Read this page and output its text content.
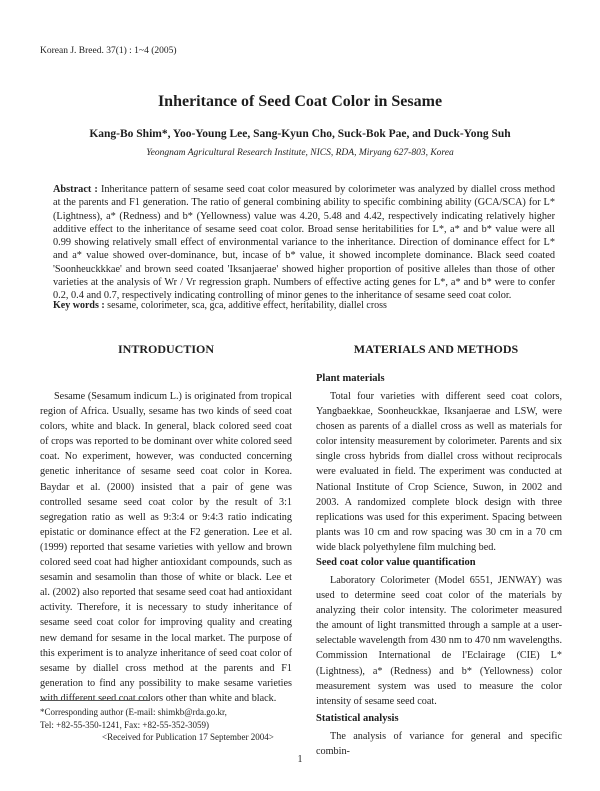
Korean J. Breed. 37(1) : 1~4 (2005)
Inheritance of Seed Coat Color in Sesame
Kang-Bo Shim*, Yoo-Young Lee, Sang-Kyun Cho, Suck-Bok Pae, and Duck-Yong Suh
Yeongnam Agricultural Research Institute, NICS, RDA, Miryang 627-803, Korea
Abstract : Inheritance pattern of sesame seed coat color measured by colorimeter was analyzed by diallel cross method at the parents and F1 generation. The ratio of general combining ability to specific combining ability (GCA/SCA) for L* (Lightness), a* (Redness) and b* (Yellowness) value was 4.20, 5.48 and 4.42, respectively indicating relatively higher additive effect to the inheritance of sesame seed coat color. Broad sense heritabilities for L*, a* and b* value were all 0.99 showing relatively small effect of environmental variance to the inheritance. Direction of dominance effect for L* and a* value showed over-dominance, but, incase of b* value, it showed incomplete dominance. Black seed coated 'Soonheuckkkae' and brown seed coated 'Iksanjaerae' showed higher proportion of positive alleles than those of other varieties at the analysis of Wr / Vr regression graph. Numbers of effective acting genes for L*, a* and b* were to confer 0.2, 0.4 and 0.7, respectively indicating controlling of minor genes to the inheritance of sesame seed coat color.
Key words : sesame, colorimeter, sca, gca, additive effect, heritability, diallel cross
INTRODUCTION	MATERIALS AND METHODS

Sesame (Sesamum indicum L.) is originated from tropical region of Africa. Usually, sesame has two kinds of seed coat colors, white and black. In general, black colored seed coat of crops was reported to be dominant over white colored seed coat. No experiment, however, was conducted concerning genetic inheritance of sesame seed coat color in Korea. Baydar et al. (2000) insisted that a pair of gene was controlled sesame seed coat color by the result of 3:1 segregation ratio as well as 9:3:4 or 9:4:3 ratio indicating epistatic or dominance effect at the F2 generation. Lee et al. (1999) reported that sesame varieties with yellow and brown colored seed coat had higher antioxidant compounds, such as sesamin and sesamolin than those of white or black. Lee et al. (2002) also reported that sesame seed coat had antioxidant activity. Therefore, it is necessary to study inheritance of sesame seed coat color for improving quality and creating new demand for sesame in the local market. The purpose of this experiment is to analyze inheritance of seed coat color of sesame by diallel cross method at the parents and F1 generation to find any possibility to make sesame varieties with different seed coat colors other than white and black.

Plant materials

Total four varieties with different seed coat colors, Yangbaekkae, Soonheuckkae, Iksanjaerae and LSW, were chosen as parents of a diallel cross as well as materials for color intensity measurement by colorimeter. Parents and six single cross hybrids from diallel cross without reciprocals were evaluated in field. The experiment was conducted at National Institute of Crop Science, Suwon, in 2002 and 2003. A randomized complete block design with three replications was used for this experiment. Spacing between plants was 10 cm and row spacing was 30 cm in a 70 cm wide black polyethylene film mulching bed.

Seed coat color value quantification

Laboratory Colorimeter (Model 6551, JENWAY) was used to determine seed coat color of the materials by analyzing their color intensity. The colorimeter measured the amount of light transmitted through a sample at a user-selectable wavelength from 430 nm to 470 nm wavelengths. Commission International de l'Eclairage (CIE) L* (Lightness), a* (Redness) and b* (Yellowness) color measurement system was used to measure the color intensity of sesame seed coat.

Statistical analysis

The analysis of variance for general and specific combin-

*Corresponding author (E-mail: shimkb@rda.go.kr,
Tel: +82-55-350-1241, Fax: +82-55-352-3059)
<Received for Publication 17 September 2004>
1
